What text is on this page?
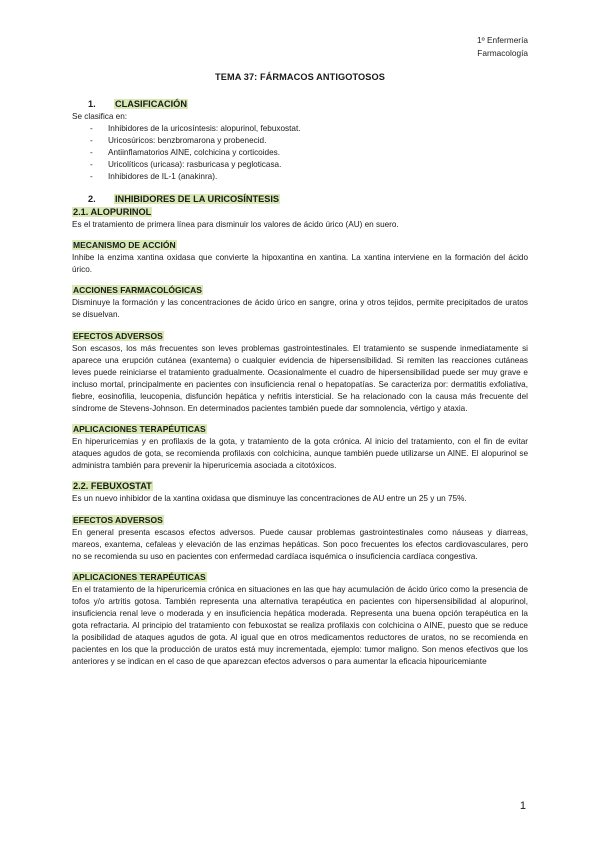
1º Enfermería
Farmacología
TEMA 37: FÁRMACOS ANTIGOTOSOS
1. CLASIFICACIÓN
Se clasifica en:
- Inhibidores de la uricosíntesis: alopurinol, febuxostat.
- Uricosúricos: benzbromarona y probenecid.
- Antiinflamatorios AINE, colchicina y corticoides.
- Uricolíticos (uricasa): rasburicasa y pegloticasa.
- Inhibidores de IL-1 (anakinra).
2. INHIBIDORES DE LA URICOSÍNTESIS
2.1. ALOPURINOL
Es el tratamiento de primera línea para disminuir los valores de ácido úrico (AU) en suero.
MECANISMO DE ACCIÓN
Inhibe la enzima xantina oxidasa que convierte la hipoxantina en xantina. La xantina interviene en la formación del ácido úrico.
ACCIONES FARMACOLÓGICAS
Disminuye la formación y las concentraciones de ácido úrico en sangre, orina y otros tejidos, permite precipitados de uratos se disuelvan.
EFECTOS ADVERSOS
Son escasos, los más frecuentes son leves problemas gastrointestinales. El tratamiento se suspende inmediatamente si aparece una erupción cutánea (exantema) o cualquier evidencia de hipersensibilidad. Si remiten las reacciones cutáneas leves puede reiniciarse el tratamiento gradualmente. Ocasionalmente el cuadro de hipersensibilidad puede ser muy grave e incluso mortal, principalmente en pacientes con insuficiencia renal o hepatopatías. Se caracteriza por: dermatitis exfoliativa, fiebre, eosinofilia, leucopenia, disfunción hepática y nefritis intersticial. Se ha relacionado con la causa más frecuente del síndrome de Stevens-Johnson. En determinados pacientes también puede dar somnolencia, vértigo y ataxia.
APLICACIONES TERAPÉUTICAS
En hiperuricemias y en profilaxis de la gota, y tratamiento de la gota crónica. Al inicio del tratamiento, con el fin de evitar ataques agudos de gota, se recomienda profilaxis con colchicina, aunque también puede utilizarse un AINE. El alopurinol se administra también para prevenir la hiperuricemia asociada a citotóxicos.
2.2. FEBUXOSTAT
Es un nuevo inhibidor de la xantina oxidasa que disminuye las concentraciones de AU entre un 25 y un 75%.
EFECTOS ADVERSOS
En general presenta escasos efectos adversos. Puede causar problemas gastrointestinales como náuseas y diarreas, mareos, exantema, cefaleas y elevación de las enzimas hepáticas. Son poco frecuentes los efectos cardiovasculares, pero no se recomienda su uso en pacientes con enfermedad cardíaca isquémica o insuficiencia cardíaca congestiva.
APLICACIONES TERAPÉUTICAS
En el tratamiento de la hiperuricemia crónica en situaciones en las que hay acumulación de ácido úrico como la presencia de tofos y/o artritis gotosa. También representa una alternativa terapéutica en pacientes con hipersensibilidad al alopurinol, insuficiencia renal leve o moderada y en insuficiencia hepática moderada. Representa una buena opción terapéutica en la gota refractaria. Al principio del tratamiento con febuxostat se realiza profilaxis con colchicina o AINE, puesto que se reduce la posibilidad de ataques agudos de gota. Al igual que en otros medicamentos reductores de uratos, no se recomienda en pacientes en los que la producción de uratos está muy incrementada, ejemplo: tumor maligno. Son menos efectivos que los anteriores y se indican en el caso de que aparezcan efectos adversos o para aumentar la eficacia hipouricemiante
1
